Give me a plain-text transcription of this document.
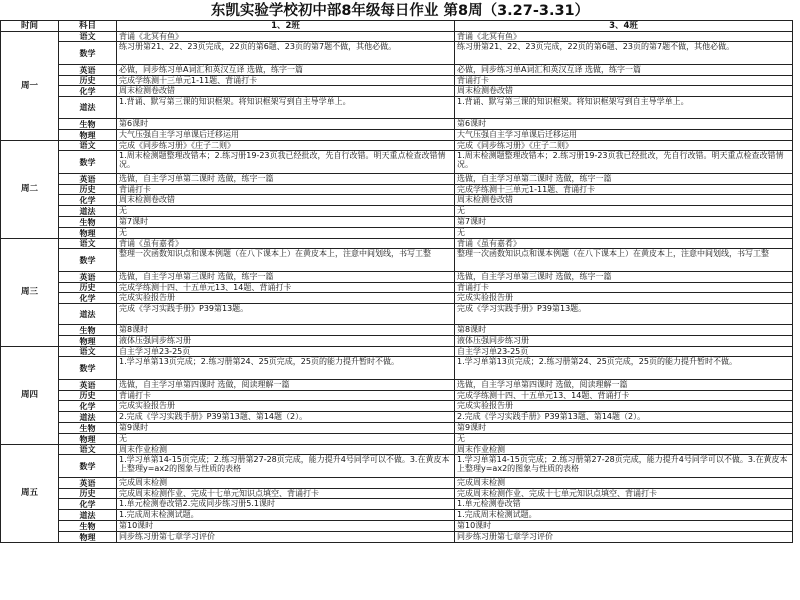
东凯实验学校初中部8年级每日作业 第8周（3.27-3.31）
时间	科目	1、2班	3、4班
周一	语文	背诵《北冥有鱼》	背诵《北冥有鱼》
	数学	练习册第21、22、23页完成，22页的第6题、23页的第7题不做，其他必做。	练习册第21、22、23页完成，22页的第6题、23页的第7题不做，其他必做。
	英语	必做，同步练习单A词汇和英汉互译 选做，练字一篇	必做，同步练习单A词汇和英汉互译 选做，练字一篇
	历史	完成学练测十三单元1-11题、背诵打卡	背诵打卡
	化学	周末检测卷改错	周末检测卷改错
	道法	1.背诵、默写第三课的知识框架。将知识框架写到自主导学单上。	1.背诵、默写第三课的知识框架。将知识框架写到自主导学单上。
	生物	第6课时	第6课时
	物理	大气压强自主学习单课后迁移运用	大气压强自主学习单课后迁移运用
周二	语文	完成《同步练习册》《庄子二则》	完成《同步练习册》《庄子二则》
	数学	1.周末检测题整理改错本；2.练习册19-23页我已经批改，先自行改错。明天重点检查改错情况。	1.周末检测题整理改错本；2.练习册19-23页我已经批改，先自行改错。明天重点检查改错情况。
	英语	选做，自主学习单第二课时 选做，练字一篇	选做，自主学习单第二课时 选做，练字一篇
	历史	背诵打卡	完成学练测十三单元1-11题、背诵打卡
	化学	周末检测卷改错	周末检测卷改错
	道法	无	无
	生物	第7课时	第7课时
	物理	无	无
周三	语文	背诵《虽有嘉肴》	背诵《虽有嘉肴》
	数学	整理一次函数知识点和课本例题（在八下课本上）在黄皮本上，注意中间划线，书写工整	整理一次函数知识点和课本例题（在八下课本上）在黄皮本上，注意中间划线，书写工整
	英语	选做，自主学习单第三课时 选做，练字一篇	选做，自主学习单第三课时 选做，练字一篇
	历史	完成学练测十四、十五单元13、14题、背诵打卡	背诵打卡
	化学	完成实验报告册	完成实验报告册
	道法	完成《学习实践手册》P39第13题。	完成《学习实践手册》P39第13题。
	生物	第8课时	第8课时
	物理	液体压强同步练习册	液体压强同步练习册
周四	语文	自主学习单23-25页	自主学习单23-25页
	数学	1.学习单第13页完成；2.练习册第24、25页完成，25页的能力提升暂时不做。	1.学习单第13页完成；2.练习册第24、25页完成，25页的能力提升暂时不做。
	英语	选做，自主学习单第四课时 选做，阅读理解一篇	选做，自主学习单第四课时 选做，阅读理解一篇
	历史	背诵打卡	完成学练测十四、十五单元13、14题、背诵打卡
	化学	完成实验报告册	完成实验报告册
	道法	2.完成《学习实践手册》P39第13题、第14题（2）。	2.完成《学习实践手册》P39第13题、第14题（2）。
	生物	第9课时	第9课时
	物理	无	无
周五	语文	周末作业检测	周末作业检测
	数学	1.学习单第14-15页完成；2.练习册第27-28页完成，能力提升4号同学可以不做。3.在黄皮本上整理y=ax2的图象与性质的表格	1.学习单第14-15页完成；2.练习册第27-28页完成，能力提升4号同学可以不做。3.在黄皮本上整理y=ax2的图象与性质的表格
	英语	完成周末检测	完成周末检测
	历史	完成周末检测作业、完成十七单元知识点填空、背诵打卡	完成周末检测作业、完成十七单元知识点填空、背诵打卡
	化学	1.单元检测卷改错2.完成同步练习册5.1课时	1.单元检测卷改错
	道法	1.完成周末检测试题。	1.完成周末检测试题。
	生物	第10课时	第10课时
	物理	同步练习册第七章学习评价	同步练习册第七章学习评价
